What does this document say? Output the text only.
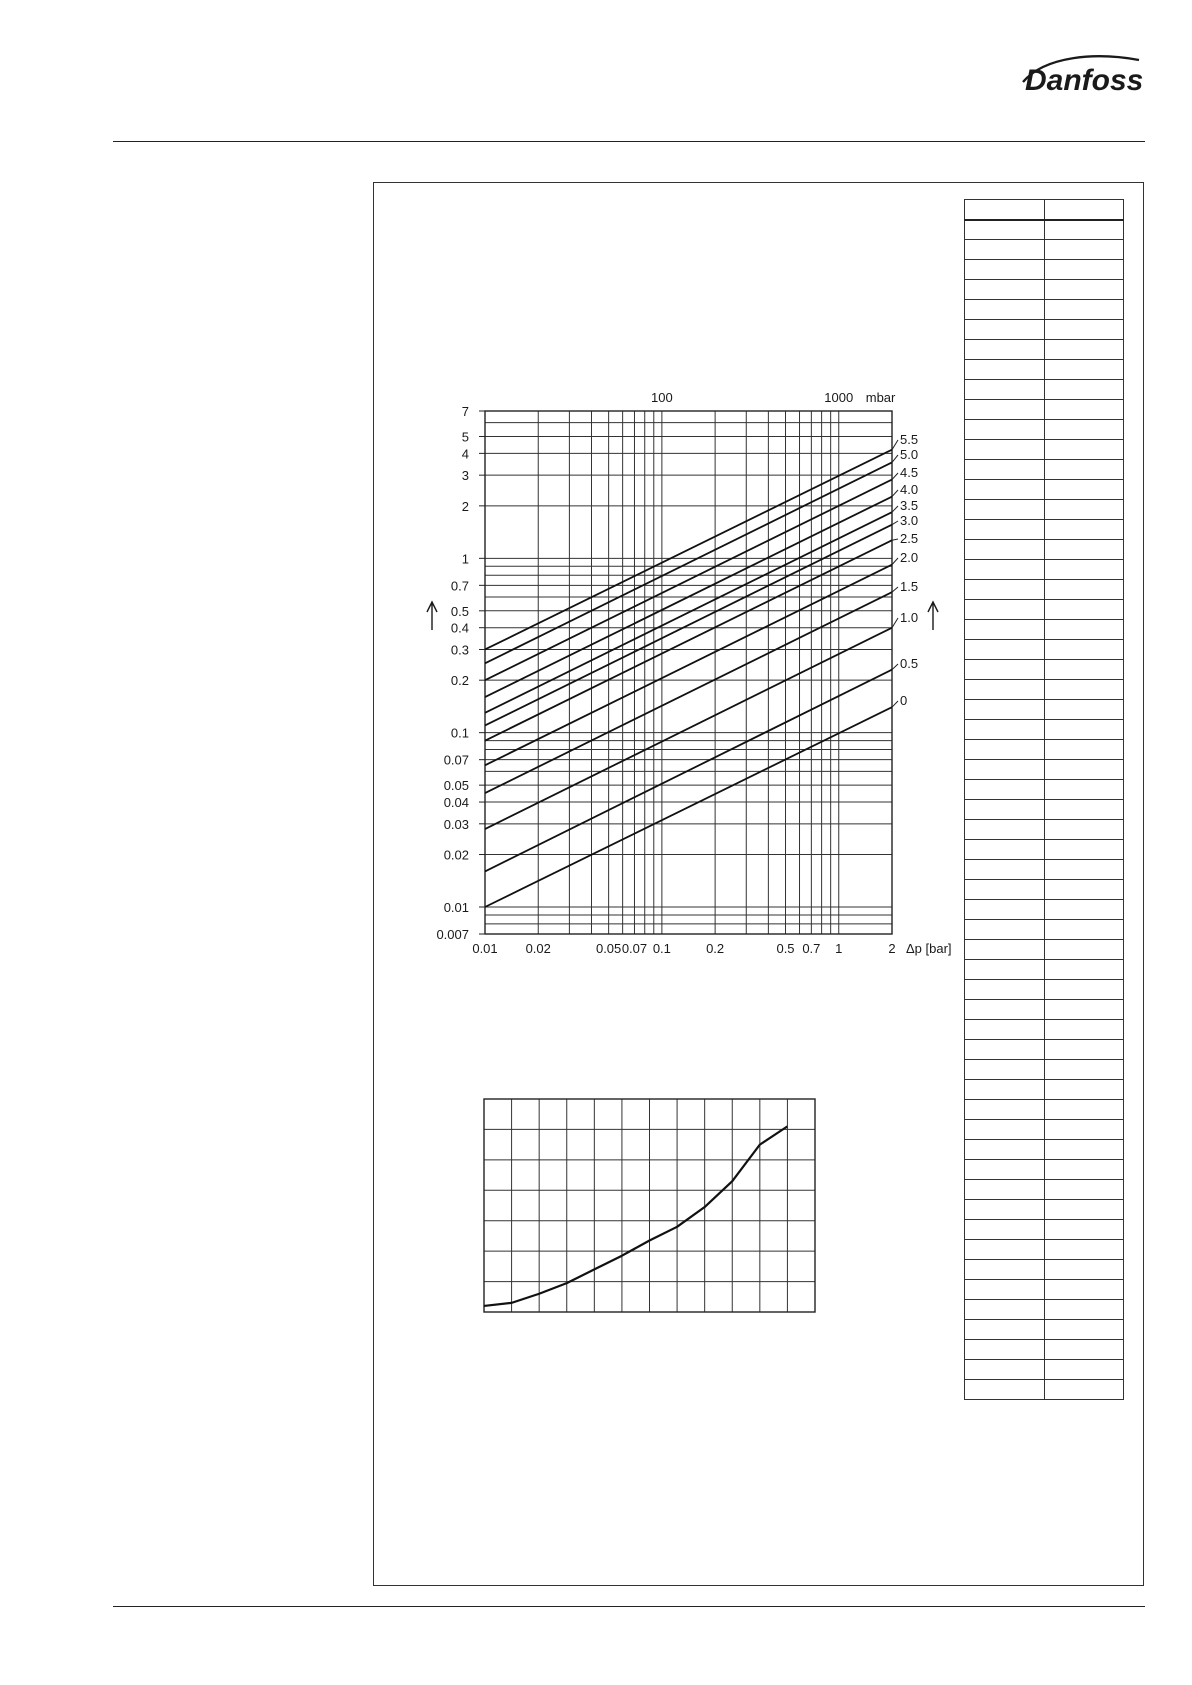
Danfoss
0.007
0.01
0.02
0.03
0.04
0.05
0.07
0.1
0.2
0.3
0.4
0.5
0.7
1
2
3
4
5
7
0.01 0.02	0.05 0.07 0.1	0.2	0.5 0.7 1	2 Δp [bar]
100	1000 mbar
5.5
5.0
4.5
4.0
3.5
3.0
2.5
2.0
1.5
1.0
0.5
0
